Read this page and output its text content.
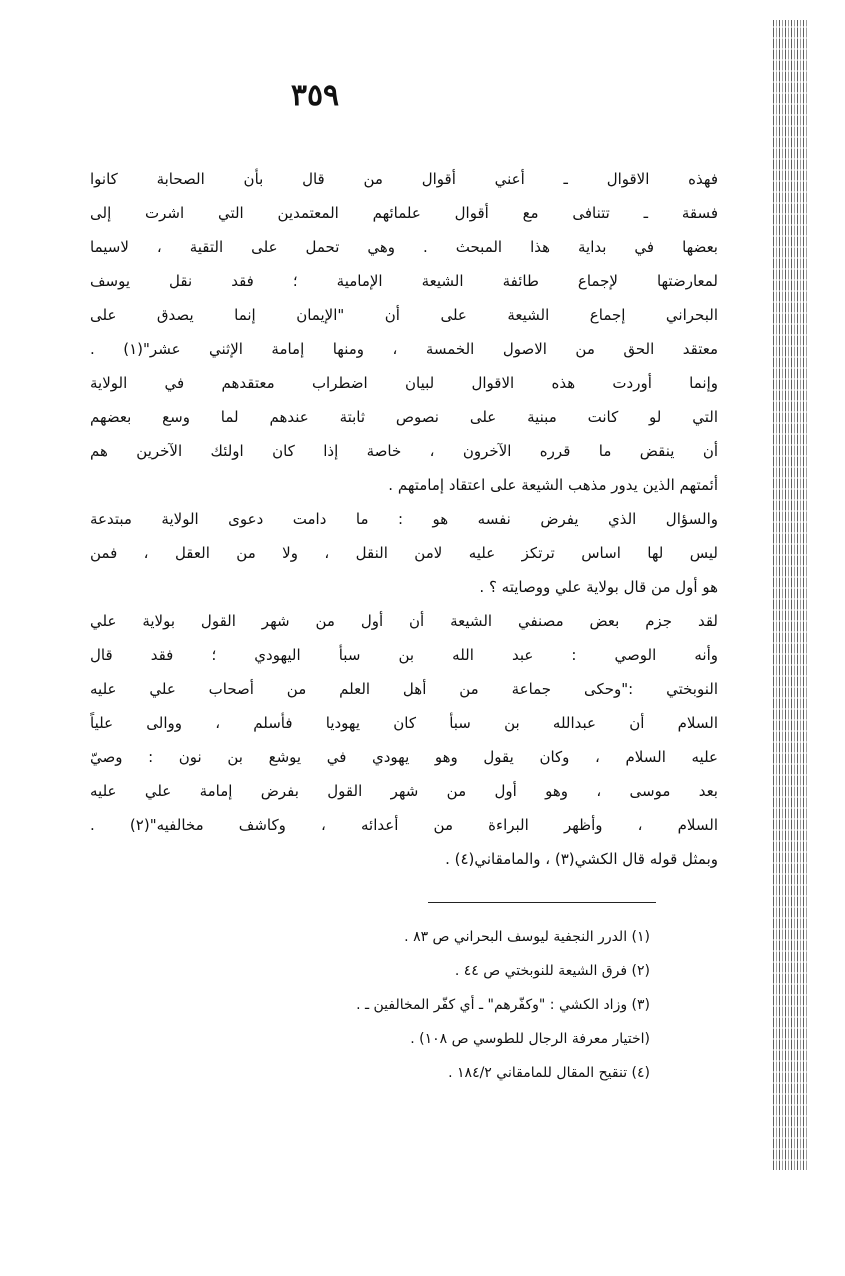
٣٥٩
فهذه الاقوال ـ أعني أقوال من قال بأن الصحابة كانوا
فسقة ـ تتنافى مع أقوال علمائهم المعتمدين التي اشرت إلى
بعضها في بداية هذا المبحث . وهي تحمل على التقية ، لاسيما
لمعارضتها لإجماع طائفة الشيعة الإمامية ؛ فقد نقل يوسف
البحراني إجماع الشيعة على أن "الإيمان إنما يصدق على
معتقد الحق من الاصول الخمسة ، ومنها إمامة الإثني عشر"(١) .
وإنما أوردت هذه الاقوال لبيان اضطراب معتقدهم في الولاية
التي لو كانت مبنية على نصوص ثابتة عندهم لما وسع بعضهم
أن ينقض ما قرره الآخرون ، خاصة إذا كان اولئك الآخرين هم
أئمتهم الذين يدور مذهب الشيعة على اعتقاد إمامتهم .
والسؤال الذي يفرض نفسه هو : ما دامت دعوى الولاية مبتدعة
ليس لها اساس ترتكز عليه لامن النقل ، ولا من العقل ، فمن
هو أول من قال بولاية علي ووصايته ؟ .
لقد جزم بعض مصنفي الشيعة أن أول من شهر القول بولاية علي
وأنه الوصي : عبد الله بن سبأ اليهودي ؛ فقد قال
النوبختي :"وحكى جماعة من أهل العلم من أصحاب علي عليه
السلام أن عبدالله بن سبأ كان يهوديا فأسلم ، ووالى علياً
عليه السلام ، وكان يقول وهو يهودي في يوشع بن نون : وصيّ
بعد موسى ، وهو أول من شهر القول بفرض إمامة علي عليه
السلام ، وأظهر البراءة من أعدائه ، وكاشف مخالفيه"(٢) .
وبمثل قوله قال الكشي(٣) ، والمامقاني(٤) .
(١) الدرر النجفية ليوسف البحراني ص ٨٣ .
(٢) فرق الشيعة للنوبختي ص ٤٤ .
(٣) وزاد الكشي : "وكفّرهم" ـ أي كفّر المخالفين ـ .
(اختيار معرفة الرجال للطوسي ص ١٠٨) .
(٤) تنقيح المقال للمامقاني ١٨٤/٢ .
